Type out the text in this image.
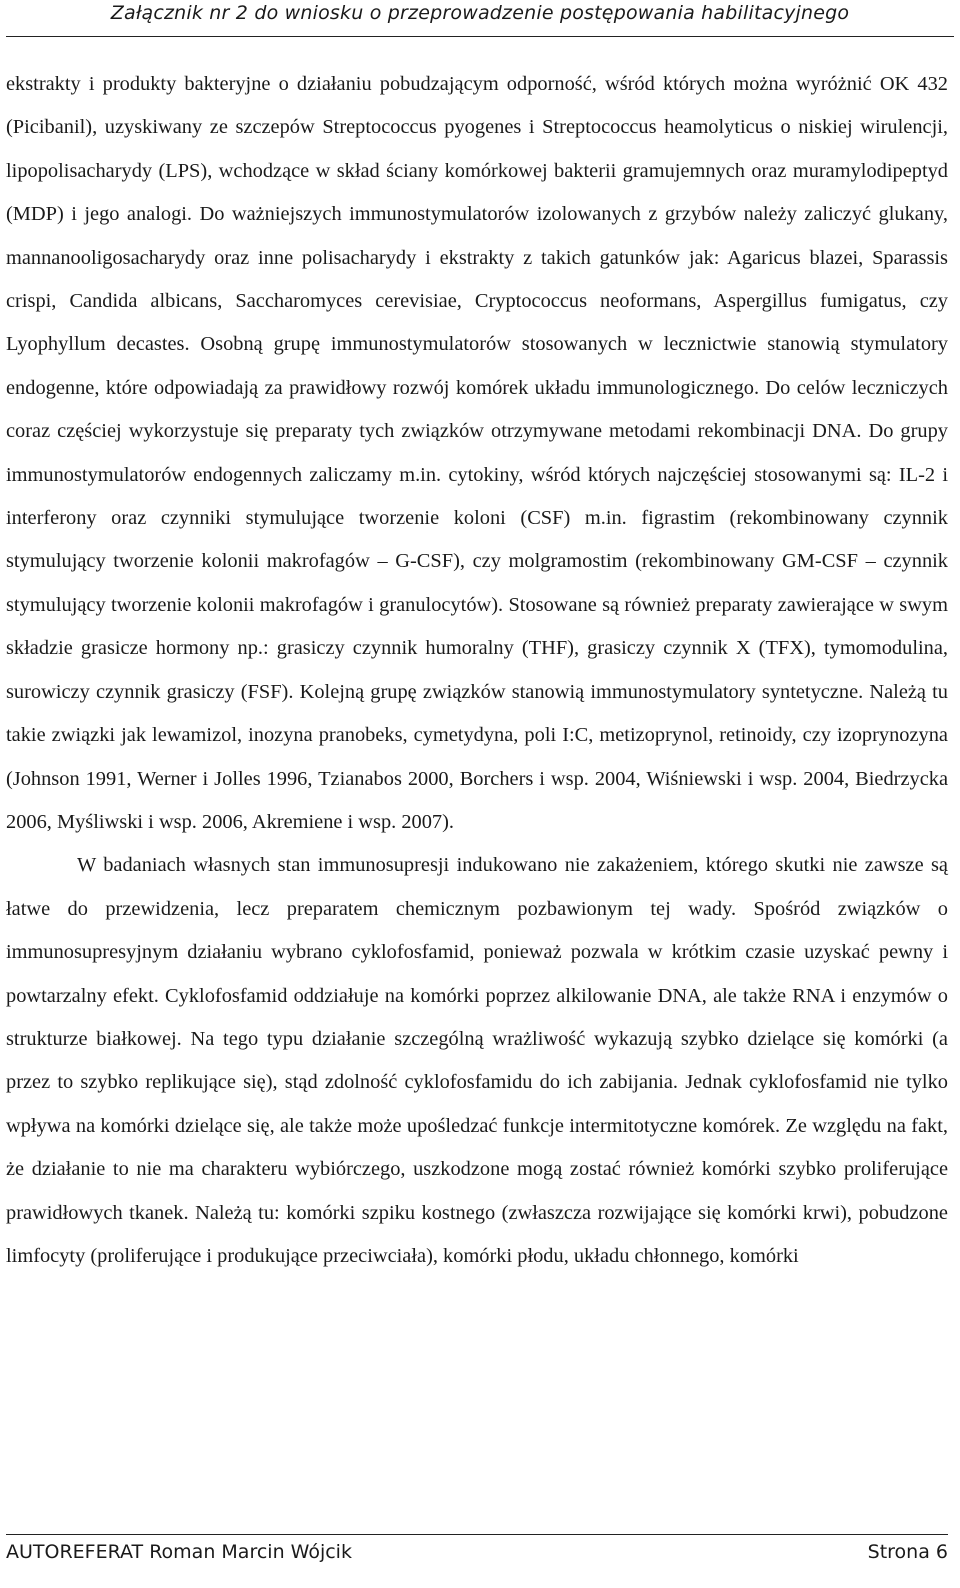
Załącznik nr 2 do wniosku o przeprowadzenie postępowania habilitacyjnego

ekstrakty i produkty bakteryjne o działaniu pobudzającym odporność, wśród których można wyróżnić OK 432 (Picibanil), uzyskiwany ze szczepów Streptococcus pyogenes i Streptococcus heamolyticus o niskiej wirulencji, lipopolisacharydy (LPS), wchodzące w skład ściany komórkowej bakterii gramujemnych oraz muramylodipeptyd (MDP) i jego analogi. Do ważniejszych immunostymulatorów izolowanych z grzybów należy zaliczyć glukany, mannanooligosacharydy oraz inne polisacharydy i ekstrakty z takich gatunków jak: Agaricus blazei, Sparassis crispi, Candida albicans, Saccharomyces cerevisiae, Cryptococcus neoformans, Aspergillus fumigatus, czy Lyophyllum decastes. Osobną grupę immunostymulatorów stosowanych w lecznictwie stanowią stymulatory endogenne, które odpowiadają za prawidłowy rozwój komórek układu immunologicznego. Do celów leczniczych coraz częściej wykorzystuje się preparaty tych związków otrzymywane metodami rekombinacji DNA. Do grupy immunostymulatorów endogennych zaliczamy m.in. cytokiny, wśród których najczęściej stosowanymi są: IL-2 i interferony oraz czynniki stymulujące tworzenie koloni (CSF) m.in. figrastim (rekombinowany czynnik stymulujący tworzenie kolonii makrofagów – G-CSF), czy molgramostim (rekombinowany GM-CSF – czynnik stymulujący tworzenie kolonii makrofagów i granulocytów). Stosowane są również preparaty zawierające w swym składzie grasicze hormony np.: grasiczy czynnik humoralny (THF), grasiczy czynnik X (TFX), tymomodulina, surowiczy czynnik grasiczy (FSF). Kolejną grupę związków stanowią immunostymulatory syntetyczne. Należą tu takie związki jak lewamizol, inozyna pranobeks, cymetydyna, poli I:C, metizoprynol, retinoidy, czy izoprynozyna (Johnson 1991, Werner i Jolles 1996, Tzianabos 2000, Borchers i wsp. 2004, Wiśniewski i wsp. 2004, Biedrzycka 2006, Myśliwski i wsp. 2006, Akremiene i wsp. 2007).

W badaniach własnych stan immunosupresji indukowano nie zakażeniem, którego skutki nie zawsze są łatwe do przewidzenia, lecz preparatem chemicznym pozbawionym tej wady. Spośród związków o immunosupresyjnym działaniu wybrano cyklofosfamid, ponieważ pozwala w krótkim czasie uzyskać pewny i powtarzalny efekt. Cyklofosfamid oddziałuje na komórki poprzez alkilowanie DNA, ale także RNA i enzymów o strukturze białkowej. Na tego typu działanie szczególną wrażliwość wykazują szybko dzielące się komórki (a przez to szybko replikujące się), stąd zdolność cyklofosfamidu do ich zabijania. Jednak cyklofosfamid nie tylko wpływa na komórki dzielące się, ale także może upośledzać funkcje intermitotyczne komórek. Ze względu na fakt, że działanie to nie ma charakteru wybiórczego, uszkodzone mogą zostać również komórki szybko proliferujące prawidłowych tkanek. Należą tu: komórki szpiku kostnego (zwłaszcza rozwijające się komórki krwi), pobudzone limfocyty (proliferujące i produkujące przeciwciała), komórki płodu, układu chłonnego, komórki

AUTOREFERAT Roman Marcin Wójcik	Strona 6
